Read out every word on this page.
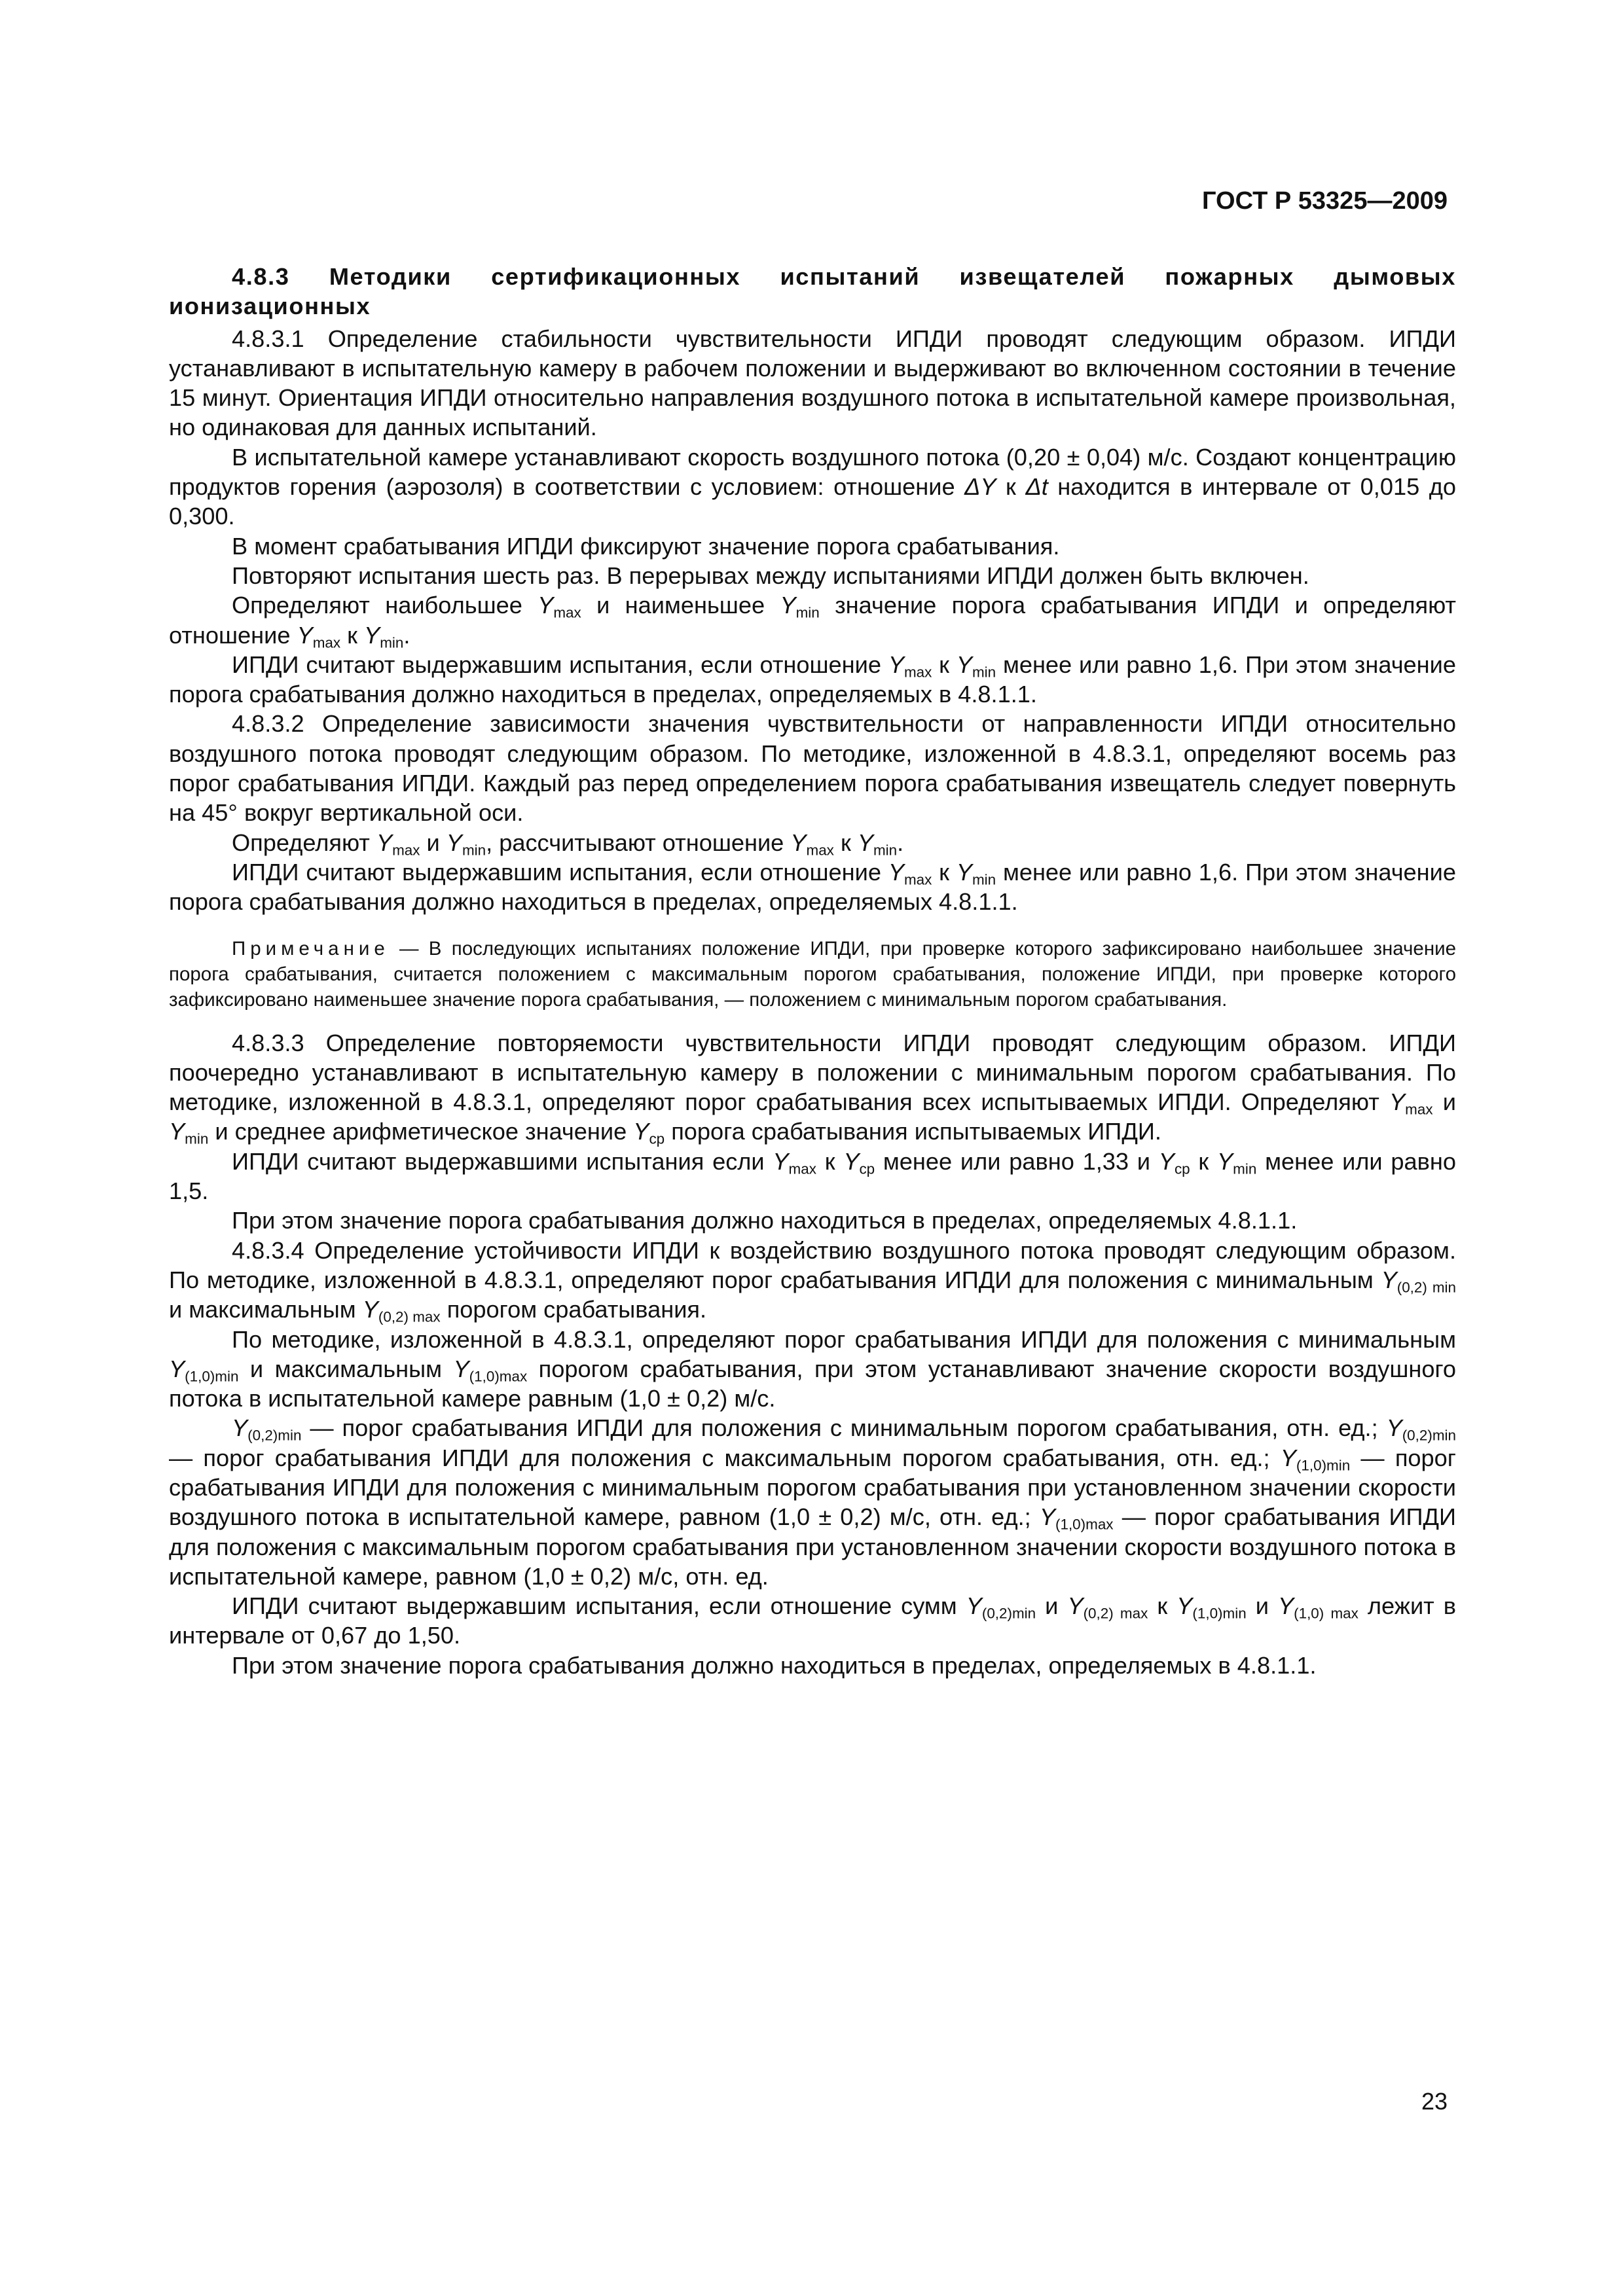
ГОСТ Р 53325—2009

4.8.3 Методики сертификационных испытаний извещателей пожарных дымовых ионизационных

4.8.3.1 Определение стабильности чувствительности ИПДИ проводят следующим образом. ИПДИ устанавливают в испытательную камеру в рабочем положении и выдерживают во включенном состоянии в течение 15 минут. Ориентация ИПДИ относительно направления воздушного потока в испытательной камере произвольная, но одинаковая для данных испытаний.

В испытательной камере устанавливают скорость воздушного потока (0,20 ± 0,04) м/с. Создают концентрацию продуктов горения (аэрозоля) в соответствии с условием: отношение ΔY к Δt находится в интервале от 0,015 до 0,300.

В момент срабатывания ИПДИ фиксируют значение порога срабатывания.

Повторяют испытания шесть раз. В перерывах между испытаниями ИПДИ должен быть включен.

Определяют наибольшее $Y_{max}$ и наименьшее $Y_{min}$ значение порога срабатывания ИПДИ и определяют отношение $Y_{max}$ к $Y_{min}$.

ИПДИ считают выдержавшим испытания, если отношение $Y_{max}$ к $Y_{min}$ менее или равно 1,6. При этом значение порога срабатывания должно находиться в пределах, определяемых в 4.8.1.1.

4.8.3.2 Определение зависимости значения чувствительности от направленности ИПДИ относительно воздушного потока проводят следующим образом. По методике, изложенной в 4.8.3.1, определяют восемь раз порог срабатывания ИПДИ. Каждый раз перед определением порога срабатывания извещатель следует повернуть на 45° вокруг вертикальной оси.

Определяют $Y_{max}$ и $Y_{min}$, рассчитывают отношение $Y_{max}$ к $Y_{min}$.

ИПДИ считают выдержавшим испытания, если отношение $Y_{max}$ к $Y_{min}$ менее или равно 1,6. При этом значение порога срабатывания должно находиться в пределах, определяемых 4.8.1.1.

Примечание — В последующих испытаниях положение ИПДИ, при проверке которого зафиксировано наибольшее значение порога срабатывания, считается положением с максимальным порогом срабатывания, положение ИПДИ, при проверке которого зафиксировано наименьшее значение порога срабатывания, — положением с минимальным порогом срабатывания.

4.8.3.3 Определение повторяемости чувствительности ИПДИ проводят следующим образом. ИПДИ поочередно устанавливают в испытательную камеру в положении с минимальным порогом срабатывания. По методике, изложенной в 4.8.3.1, определяют порог срабатывания всех испытываемых ИПДИ. Определяют $Y_{max}$ и $Y_{min}$ и среднее арифметическое значение $Y_{ср}$ порога срабатывания испытываемых ИПДИ.

ИПДИ считают выдержавшими испытания если $Y_{max}$ к $Y_{ср}$ менее или равно 1,33 и $Y_{ср}$ к $Y_{min}$ менее или равно 1,5.

При этом значение порога срабатывания должно находиться в пределах, определяемых 4.8.1.1.

4.8.3.4 Определение устойчивости ИПДИ к воздействию воздушного потока проводят следующим образом. По методике, изложенной в 4.8.3.1, определяют порог срабатывания ИПДИ для положения с минимальным $Y_{(0,2) min}$ и максимальным $Y_{(0,2) max}$ порогом срабатывания.

По методике, изложенной в 4.8.3.1, определяют порог срабатывания ИПДИ для положения с минимальным $Y_{(1,0)min}$ и максимальным $Y_{(1,0)max}$ порогом срабатывания, при этом устанавливают значение скорости воздушного потока в испытательной камере равным (1,0 ± 0,2) м/с.

$Y_{(0,2)min}$ — порог срабатывания ИПДИ для положения с минимальным порогом срабатывания, отн. ед.; $Y_{(0,2)min}$ — порог срабатывания ИПДИ для положения с максимальным порогом срабатывания, отн. ед.; $Y_{(1,0)min}$ — порог срабатывания ИПДИ для положения с минимальным порогом срабатывания при установленном значении скорости воздушного потока в испытательной камере, равном (1,0 ± 0,2) м/с, отн. ед.; $Y_{(1,0)max}$ — порог срабатывания ИПДИ для положения с максимальным порогом срабатывания при установленном значении скорости воздушного потока в испытательной камере, равном (1,0 ± 0,2) м/с, отн. ед.

ИПДИ считают выдержавшим испытания, если отношение сумм $Y_{(0,2)min}$ и $Y_{(0,2) max}$ к $Y_{(1,0)min}$ и $Y_{(1,0) max}$ лежит в интервале от 0,67 до 1,50.

При этом значение порога срабатывания должно находиться в пределах, определяемых в 4.8.1.1.

23
